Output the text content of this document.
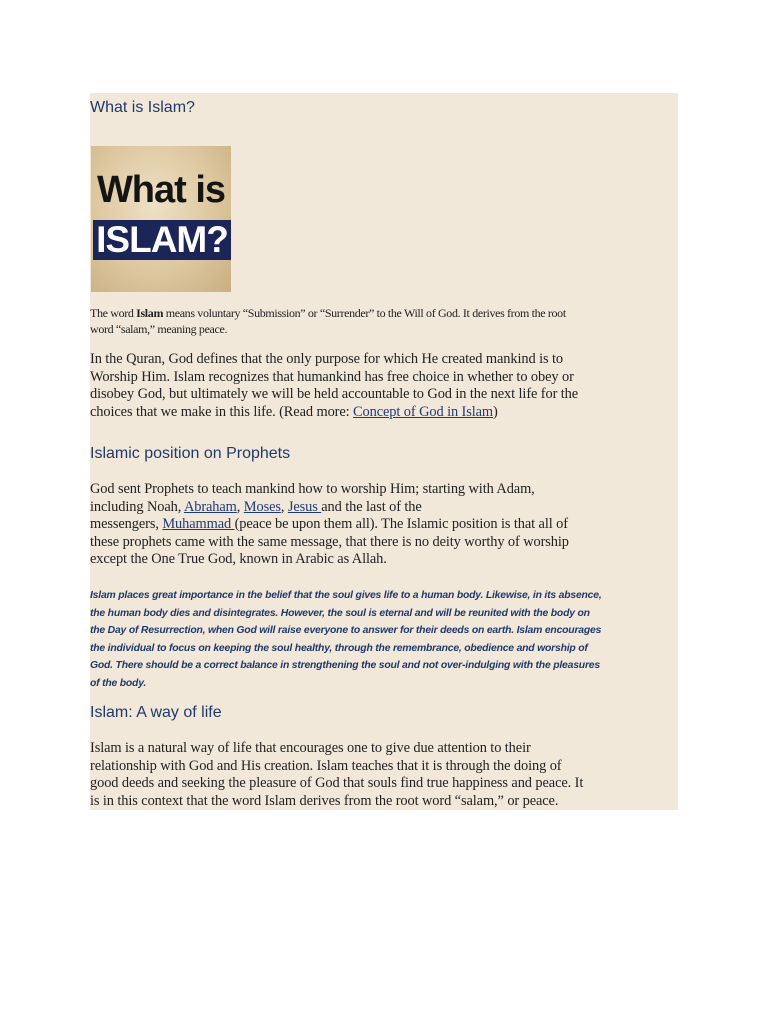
What is Islam?
What is
ISLAM?

The word Islam means voluntary “Submission” or “Surrender” to the Will of God. It derives from the root
word “salam,” meaning peace.

In the Quran, God defines that the only purpose for which He created mankind is to
Worship Him. Islam recognizes that humankind has free choice in whether to obey or
disobey God, but ultimately we will be held accountable to God in the next life for the
choices that we make in this life. (Read more: Concept of God in Islam)

Islamic position on Prophets

God sent Prophets to teach mankind how to worship Him; starting with Adam,
including Noah, Abraham, Moses, Jesus and the last of the
messengers, Muhammad (peace be upon them all). The Islamic position is that all of
these prophets came with the same message, that there is no deity worthy of worship
except the One True God, known in Arabic as Allah.

Islam places great importance in the belief that the soul gives life to a human body. Likewise, in its absence,
the human body dies and disintegrates. However, the soul is eternal and will be reunited with the body on
the Day of Resurrection, when God will raise everyone to answer for their deeds on earth. Islam encourages
the individual to focus on keeping the soul healthy, through the remembrance, obedience and worship of
God. There should be a correct balance in strengthening the soul and not over-indulging with the pleasures
of the body.

Islam: A way of life

Islam is a natural way of life that encourages one to give due attention to their
relationship with God and His creation. Islam teaches that it is through the doing of
good deeds and seeking the pleasure of God that souls find true happiness and peace. It
is in this context that the word Islam derives from the root word “salam,” or peace.
